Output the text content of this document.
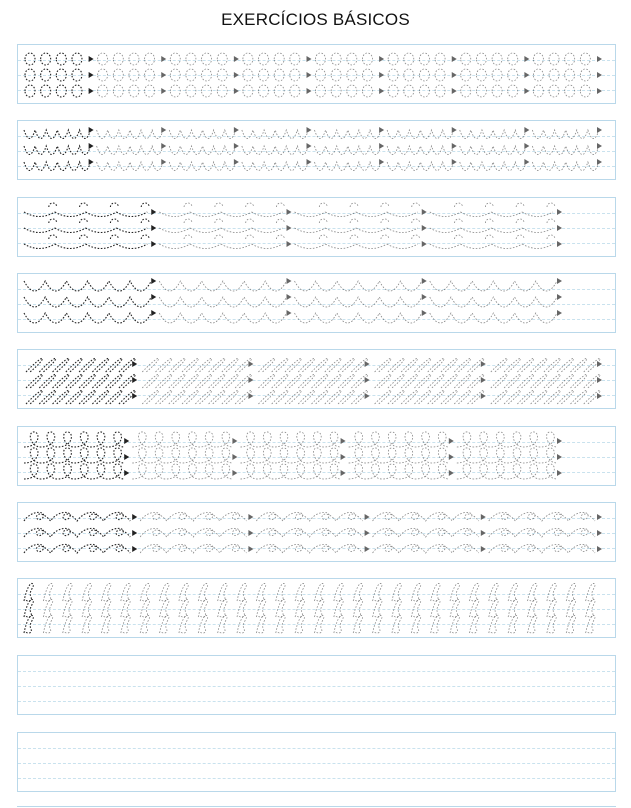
EXERCÍCIOS BÁSICOS
